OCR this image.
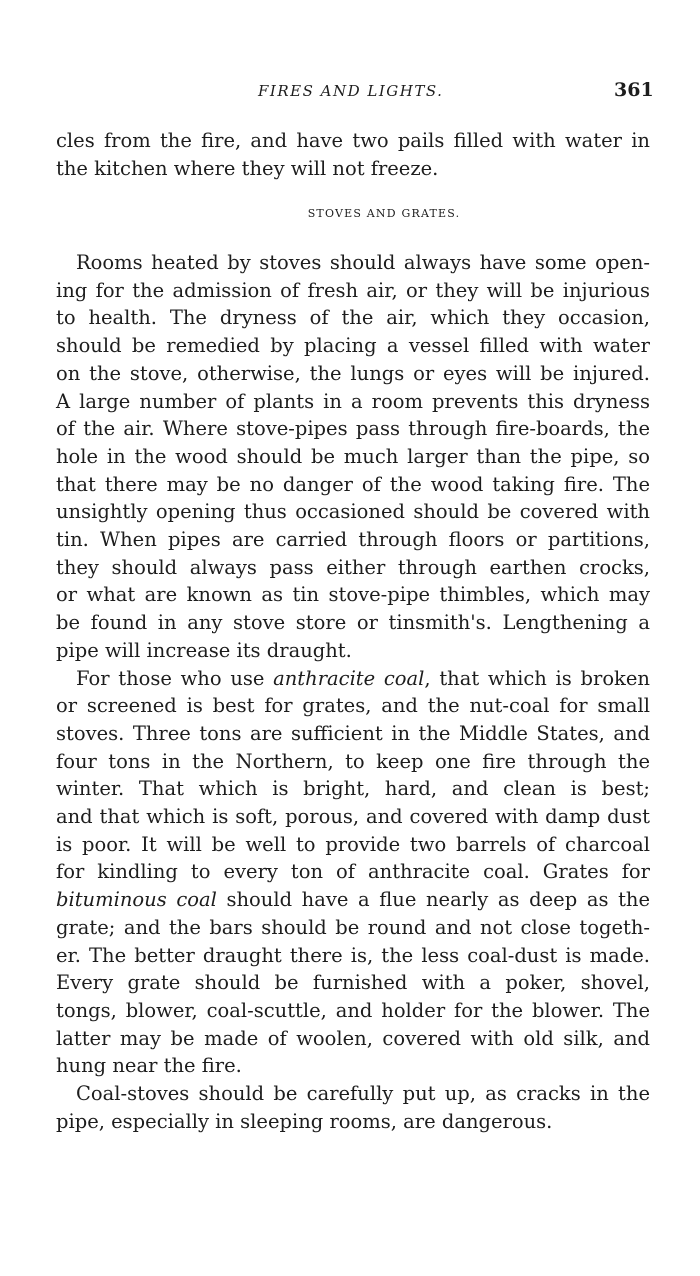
FIRES AND LIGHTS.	361

cles from the fire, and have two pails filled with water in
the kitchen where they will not freeze.

STOVES AND GRATES.

Rooms heated by stoves should always have some open-
ing for the admission of fresh air, or they will be injurious
to health. The dryness of the air, which they occasion,
should be remedied by placing a vessel filled with water
on the stove, otherwise, the lungs or eyes will be injured.
A large number of plants in a room prevents this dryness
of the air. Where stove-pipes pass through fire-boards, the
hole in the wood should be much larger than the pipe, so
that there may be no danger of the wood taking fire. The
unsightly opening thus occasioned should be covered with
tin. When pipes are carried through floors or partitions,
they should always pass either through earthen crocks,
or what are known as tin stove-pipe thimbles, which may
be found in any stove store or tinsmith's. Lengthening a
pipe will increase its draught.

For those who use anthracite coal, that which is broken
or screened is best for grates, and the nut-coal for small
stoves. Three tons are sufficient in the Middle States, and
four tons in the Northern, to keep one fire through the
winter. That which is bright, hard, and clean is best;
and that which is soft, porous, and covered with damp dust
is poor. It will be well to provide two barrels of charcoal
for kindling to every ton of anthracite coal. Grates for
bituminous coal should have a flue nearly as deep as the
grate; and the bars should be round and not close togeth-
er. The better draught there is, the less coal-dust is made.
Every grate should be furnished with a poker, shovel,
tongs, blower, coal-scuttle, and holder for the blower. The
latter may be made of woolen, covered with old silk, and
hung near the fire.

Coal-stoves should be carefully put up, as cracks in the
pipe, especially in sleeping rooms, are dangerous.
